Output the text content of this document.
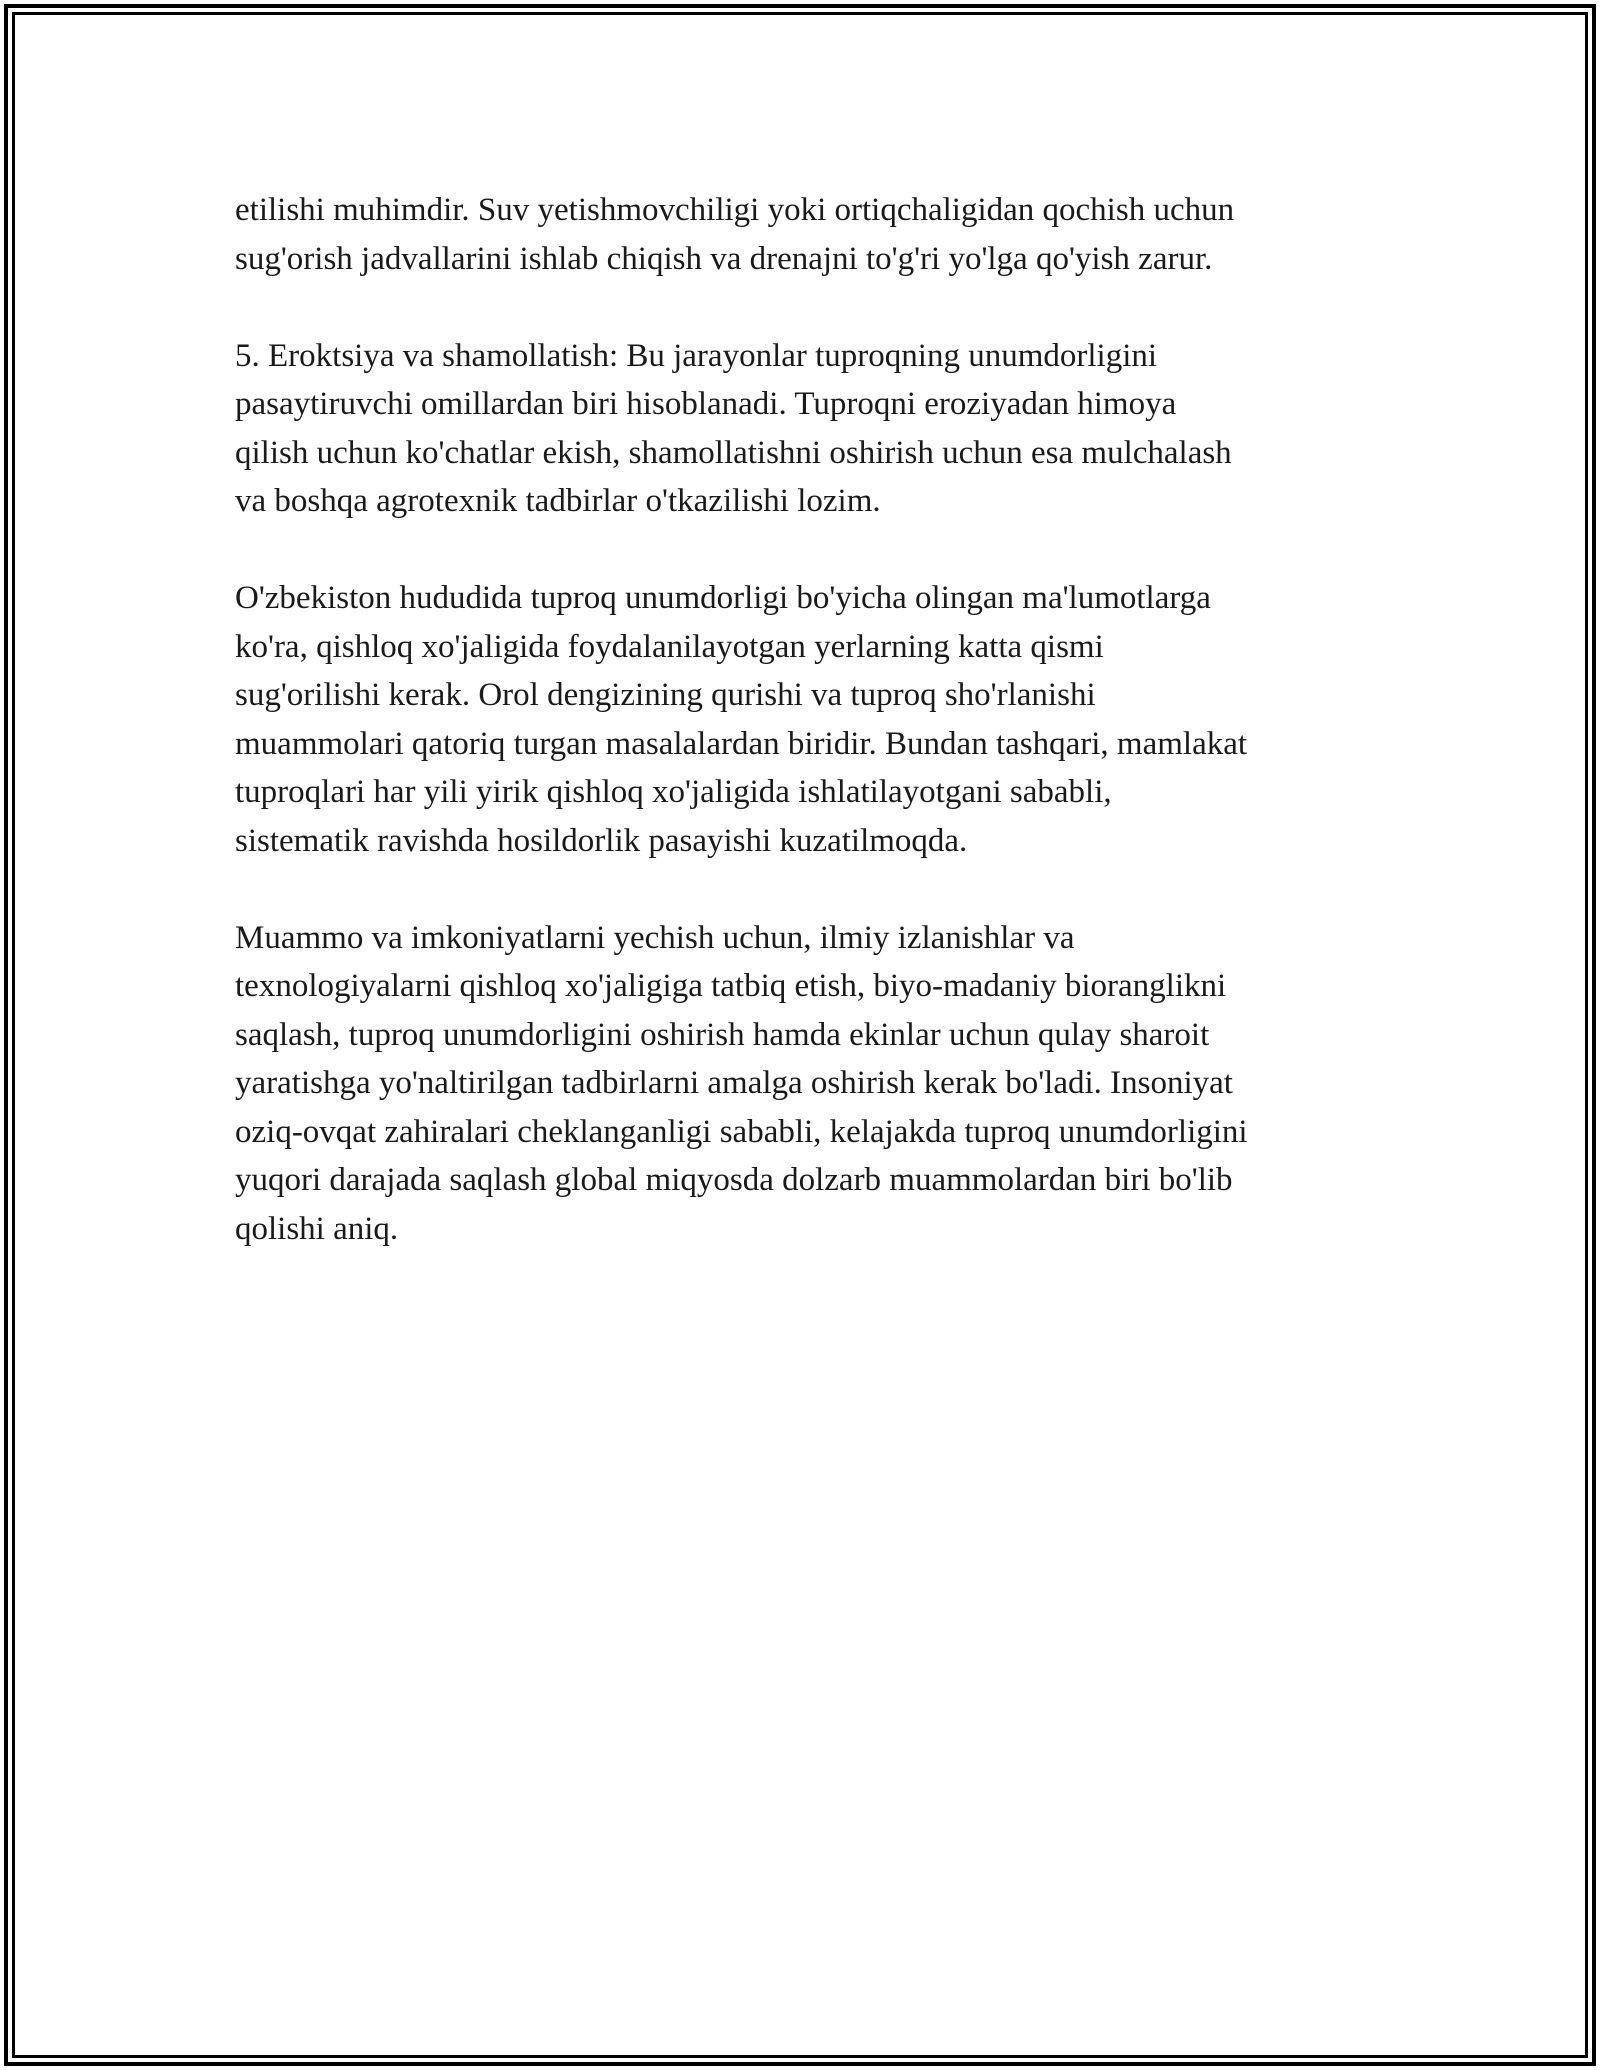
etilishi muhimdir. Suv yetishmovchiligi yoki ortiqchaligidan qochish uchun
sug'orish jadvallarini ishlab chiqish va drenajni to'g'ri yo'lga qo'yish zarur.

5. Eroktsiya va shamollatish: Bu jarayonlar tuproqning unumdorligini
pasaytiruvchi omillardan biri hisoblanadi. Tuproqni eroziyadan himoya
qilish uchun ko'chatlar ekish, shamollatishni oshirish uchun esa mulchalash
va boshqa agrotexnik tadbirlar o'tkazilishi lozim.

O'zbekiston hududida tuproq unumdorligi bo'yicha olingan ma'lumotlarga
ko'ra, qishloq xo'jaligida foydalanilayotgan yerlarning katta qismi
sug'orilishi kerak. Orol dengizining qurishi va tuproq sho'rlanishi
muammolari qatoriq turgan masalalardan biridir. Bundan tashqari, mamlakat
tuproqlari har yili yirik qishloq xo'jaligida ishlatilayotgani sababli,
sistematik ravishda hosildorlik pasayishi kuzatilmoqda.

Muammo va imkoniyatlarni yechish uchun, ilmiy izlanishlar va
texnologiyalarni qishloq xo'jaligiga tatbiq etish, biyo-madaniy bioranglikni
saqlash, tuproq unumdorligini oshirish hamda ekinlar uchun qulay sharoit
yaratishga yo'naltirilgan tadbirlarni amalga oshirish kerak bo'ladi. Insoniyat
oziq-ovqat zahiralari cheklanganligi sababli, kelajakda tuproq unumdorligini
yuqori darajada saqlash global miqyosda dolzarb muammolardan biri bo'lib
qolishi aniq.
